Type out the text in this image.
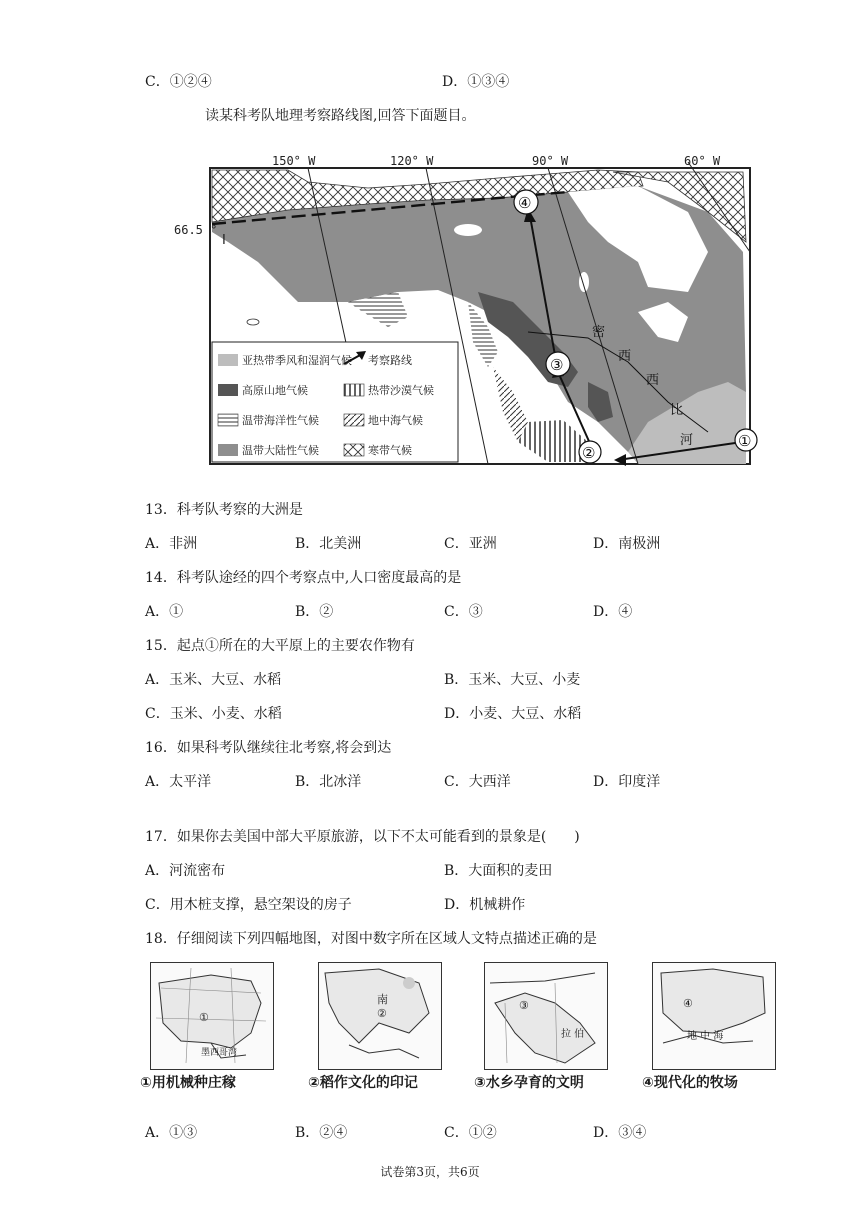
C．①②④	D．①③④
读某科考队地理考察路线图,回答下面题目。
亚热带季风和湿润气候 考察路线
高原山地气候	热带沙漠气候
温带海洋性气候	地中海气候
温带大陆性气候	寒带气候
150° W	120° W	90° W	60° W
66.5 °
I
①
②
③
④
密
西
西
比
河
13．科考队考察的大洲是
A．非洲	B．北美洲	C．亚洲	D．南极洲
14．科考队途经的四个考察点中,人口密度最高的是
A．①	B．②	C．③	D．④
15．起点①所在的大平原上的主要农作物有
A．玉米、大豆、水稻	B．玉米、大豆、小麦
C．玉米、小麦、水稻	D．小麦、大豆、水稻
16．如果科考队继续往北考察,将会到达
A．太平洋	B．北冰洋	C．大西洋	D．印度洋
17．如果你去美国中部大平原旅游，以下不太可能看到的景象是(　　)
A．河流密布	B．大面积的麦田
C．用木桩支撑，悬空架设的房子	D．机械耕作
18．仔细阅读下列四幅地图，对图中数字所在区域人文特点描述正确的是
①
墨西哥湾
①用机械种庄稼
南
②
②稻作文化的印记
③
拉 伯
③水乡孕育的文明
④
地 中 海
④现代化的牧场
A．①③	B．②④	C．①②	D．③④
试卷第3页，共6页
